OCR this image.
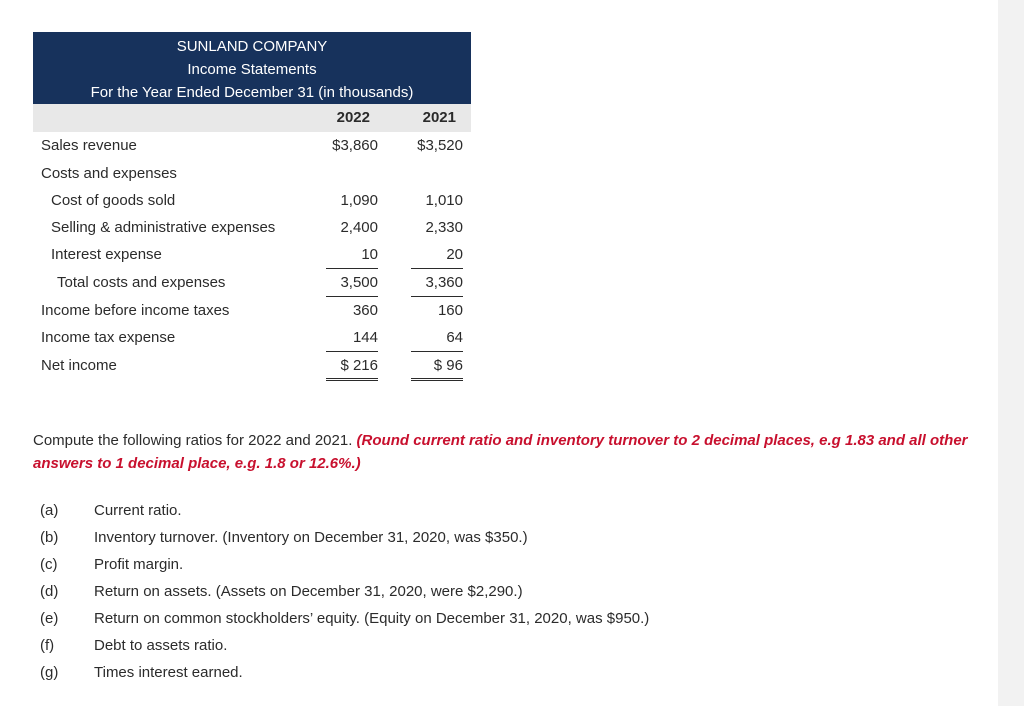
SUNLAND COMPANY
Income Statements
For the Year Ended December 31 (in thousands)
2022	2021
Sales revenue	$3,860	$3,520
Costs and expenses
Cost of goods sold	1,090	1,010
Selling & administrative expenses	2,400	2,330
Interest expense	10	20
Total costs and expenses	3,500	3,360
Income before income taxes	360	160
Income tax expense	144	64
Net income	$ 216	$ 96
Compute the following ratios for 2022 and 2021. (Round current ratio and inventory turnover to 2 decimal places, e.g 1.83 and all other answers to 1 decimal place, e.g. 1.8 or 12.6%.)
(a) Current ratio.
(b) Inventory turnover. (Inventory on December 31, 2020, was $350.)
(c) Profit margin.
(d) Return on assets. (Assets on December 31, 2020, were $2,290.)
(e) Return on common stockholders’ equity. (Equity on December 31, 2020, was $950.)
(f)	Debt to assets ratio.
(g) Times interest earned.
